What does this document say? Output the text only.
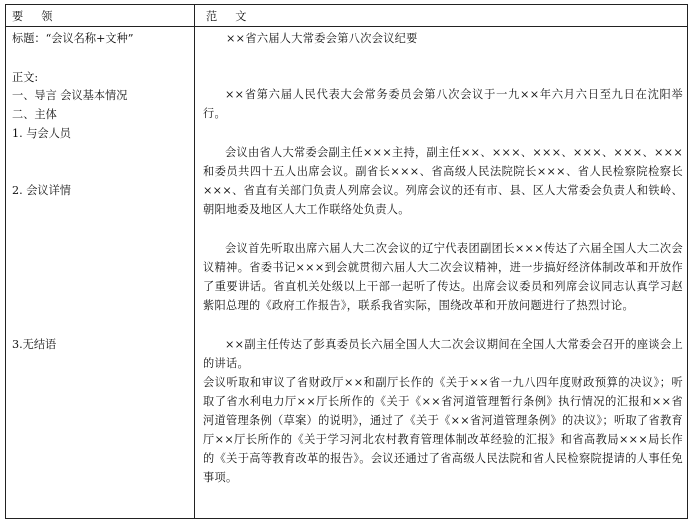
要领	范文
标题：“会议名称+文种”
正文:
一、导言 会议基本情况
二、主体
1. 与会人员
2. 会议详情
3.无结语
××省六届人大常委会第八次会议纪要
××省第六届人民代表大会常务委员会第八次会议于一九××年六月六日至九日在沈阳举行。
会议由省人大常委会副主任×××主持，副主任××、×××、×××、×××、×××、×××和委员共四十五人出席会议。副省长×××、省高级人民法院院长×××、省人民检察院检察长×××、省直有关部门负责人列席会议。列席会议的还有市、县、区人大常委会负责人和铁岭、朝阳地委及地区人大工作联络处负责人。
会议首先听取出席六届人大二次会议的辽宁代表团副团长×××传达了六届全国人大二次会议精神。省委书记×××到会就贯彻六届人大二次会议精神，进一步搞好经济体制改革和开放作了重要讲话。省直机关处级以上干部一起听了传达。出席会议委员和列席会议同志认真学习赵紫阳总理的《政府工作报告》，联系我省实际，围绕改革和开放问题进行了热烈讨论。
××副主任传达了彭真委员长六届全国人大二次会议期间在全国人大常委会召开的座谈会上的讲话。
会议听取和审议了省财政厅××和副厅长作的《关于××省一九八四年度财政预算的决议》；听取了省水利电力厅××厅长所作的《关于《××省河道管理暂行条例》执行情况的汇报和××省河道管理条例（草案）的说明》，通过了《关于《××省河道管理条例》的决议》；听取了省教育厅××厅长所作的《关于学习河北农村教育管理体制改革经验的汇报》和省高教局×××局长作的《关于高等教育改革的报告》。会议还通过了省高级人民法院和省人民检察院提请的人事任免事项。
